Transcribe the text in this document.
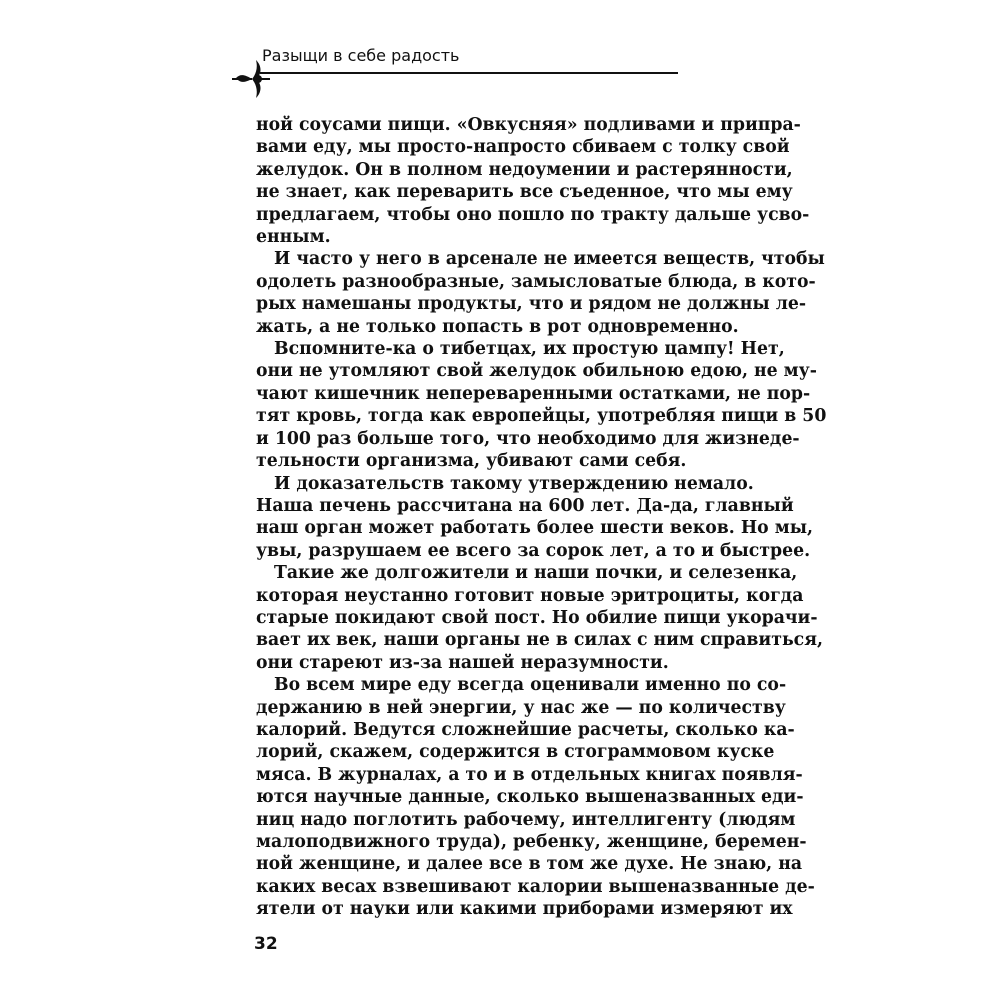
Разыщи в себе радость
ной соусами пищи. «Овкусняя» подливами и припра-
вами еду, мы просто-напросто сбиваем с толку свой
желудок. Он в полном недоумении и растерянности,
не знает, как переварить все съеденное, что мы ему
предлагаем, чтобы оно пошло по тракту дальше усво-
енным.
И часто у него в арсенале не имеется веществ, чтобы
одолеть разнообразные, замысловатые блюда, в кото-
рых намешаны продукты, что и рядом не должны ле-
жать, а не только попасть в рот одновременно.
Вспомните-ка о тибетцах, их простую цампу! Нет,
они не утомляют свой желудок обильною едою, не му-
чают кишечник непереваренными остатками, не пор-
тят кровь, тогда как европейцы, употребляя пищи в 50
и 100 раз больше того, что необходимо для жизнеде-
тельности организма, убивают сами себя.
И доказательств такому утверждению немало.
Наша печень рассчитана на 600 лет. Да-да, главный
наш орган может работать более шести веков. Но мы,
увы, разрушаем ее всего за сорок лет, а то и быстрее.
Такие же долгожители и наши почки, и селезенка,
которая неустанно готовит новые эритроциты, когда
старые покидают свой пост. Но обилие пищи укорачи-
вает их век, наши органы не в силах с ним справиться,
они стареют из-за нашей неразумности.
Во всем мире еду всегда оценивали именно по со-
держанию в ней энергии, у нас же — по количеству
калорий. Ведутся сложнейшие расчеты, сколько ка-
лорий, скажем, содержится в стограммовом куске
мяса. В журналах, а то и в отдельных книгах появля-
ются научные данные, сколько вышеназванных еди-
ниц надо поглотить рабочему, интеллигенту (людям
малоподвижного труда), ребенку, женщине, беремен-
ной женщине, и далее все в том же духе. Не знаю, на
каких весах взвешивают калории вышеназванные де-
ятели от науки или какими приборами измеряют их
32
